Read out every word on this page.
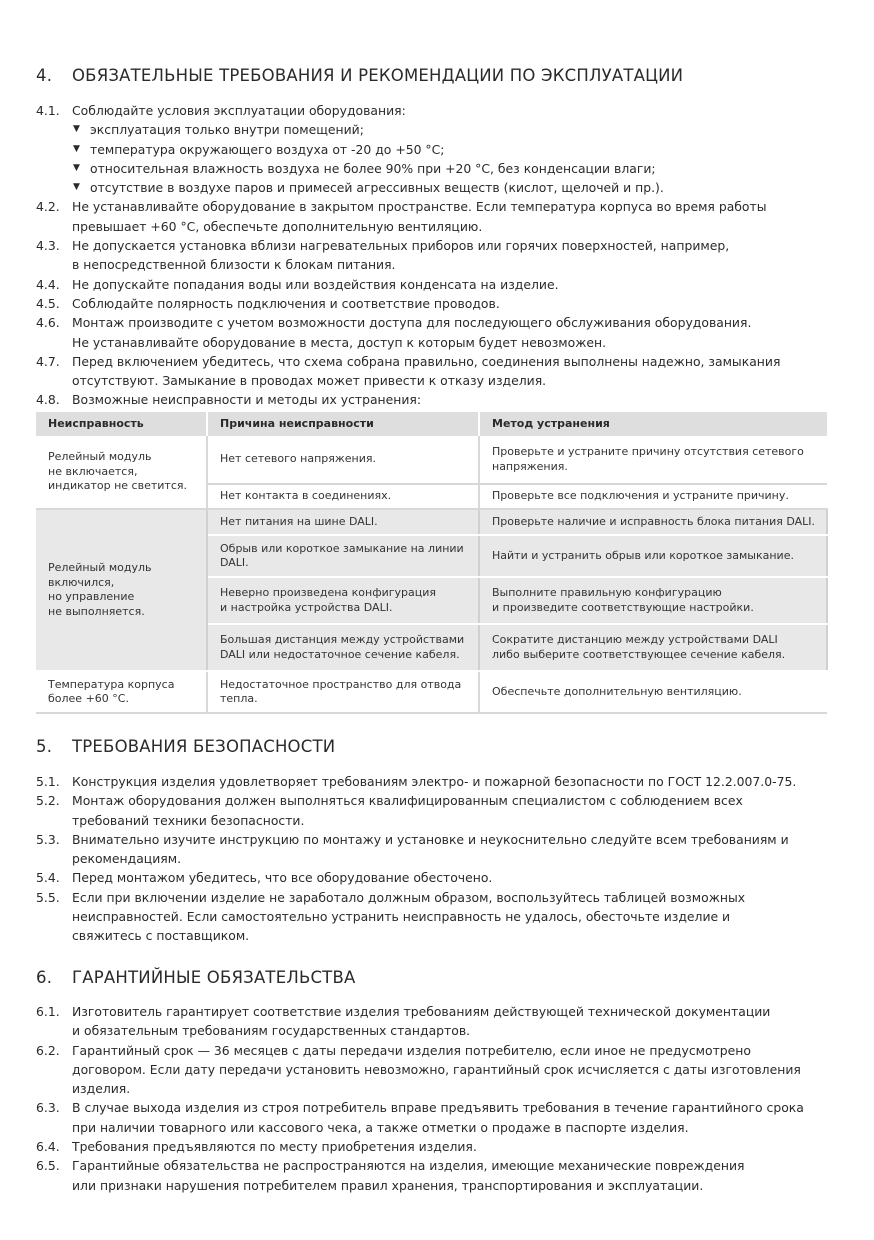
4. ОБЯЗАТЕЛЬНЫЕ ТРЕБОВАНИЯ И РЕКОМЕНДАЦИИ ПО ЭКСПЛУАТАЦИИ
4.1. Соблюдайте условия эксплуатации оборудования:
▼ эксплуатация только внутри помещений;
▼ температура окружающего воздуха от -20 до +50 °С;
▼ относительная влажность воздуха не более 90% при +20 °С, без конденсации влаги;
▼ отсутствие в воздухе паров и примесей агрессивных веществ (кислот, щелочей и пр.).
4.2. Не устанавливайте оборудование в закрытом пространстве. Если температура корпуса во время работы
превышает +60 °С, обеспечьте дополнительную вентиляцию.
4.3. Не допускается установка вблизи нагревательных приборов или горячих поверхностей, например,
в непосредственной близости к блокам питания.
4.4. Не допускайте попадания воды или воздействия конденсата на изделие.
4.5. Соблюдайте полярность подключения и соответствие проводов.
4.6. Монтаж производите с учетом возможности доступа для последующего обслуживания оборудования.
Не устанавливайте оборудование в места, доступ к которым будет невозможен.
4.7. Перед включением убедитесь, что схема собрана правильно, соединения выполнены надежно, замыкания
отсутствуют. Замыкание в проводах может привести к отказу изделия.
4.8. Возможные неисправности и методы их устранения:
Неисправность	Причина неисправности	Метод устранения

Релейный модуль
не включается,
индикатор не светится.	Нет сетевого напряжения.	Проверьте и устраните причину отсутствия сетевого
напряжения.

	Нет контакта в соединениях.	Проверьте все подключения и устраните причину.

Релейный модуль
включился,
но управление
не выполняется.	Нет питания на шине DALI.	Проверьте наличие и исправность блока питания DALI.

	Обрыв или короткое замыкание на линии
DALI.	Найти и устранить обрыв или короткое замыкание.

	Неверно произведена конфигурация
и настройка устройства DALI.	Выполните правильную конфигурацию
и произведите соответствующие настройки.

	Большая дистанция между устройствами
DALI или недостаточное сечение кабеля.	Сократите дистанцию между устройствами DALI
либо выберите соответствующее сечение кабеля.

Температура корпуса
более +60 °С.	Недостаточное пространство для отвода
тепла.	Обеспечьте дополнительную вентиляцию.
5. ТРЕБОВАНИЯ БЕЗОПАСНОСТИ
5.1. Конструкция изделия удовлетворяет требованиям электро- и пожарной безопасности по ГОСТ 12.2.007.0-75.
5.2. Монтаж оборудования должен выполняться квалифицированным специалистом с соблюдением всех
требований техники безопасности.
5.3. Внимательно изучите инструкцию по монтажу и установке и неукоснительно следуйте всем требованиям и
рекомендациям.
5.4. Перед монтажом убедитесь, что все оборудование обесточено.
5.5. Если при включении изделие не заработало должным образом, воспользуйтесь таблицей возможных
неисправностей. Если самостоятельно устранить неисправность не удалось, обесточьте изделие и
свяжитесь с поставщиком.
6. ГАРАНТИЙНЫЕ ОБЯЗАТЕЛЬСТВА
6.1. Изготовитель гарантирует соответствие изделия требованиям действующей технической документации
и обязательным требованиям государственных стандартов.
6.2. Гарантийный срок — 36 месяцев с даты передачи изделия потребителю, если иное не предусмотрено
договором. Если дату передачи установить невозможно, гарантийный срок исчисляется с даты изготовления
изделия.
6.3. В случае выхода изделия из строя потребитель вправе предъявить требования в течение гарантийного срока
при наличии товарного или кассового чека, а также отметки о продаже в паспорте изделия.
6.4. Требования предъявляются по месту приобретения изделия.
6.5. Гарантийные обязательства не распространяются на изделия, имеющие механические повреждения
или признаки нарушения потребителем правил хранения, транспортирования и эксплуатации.
